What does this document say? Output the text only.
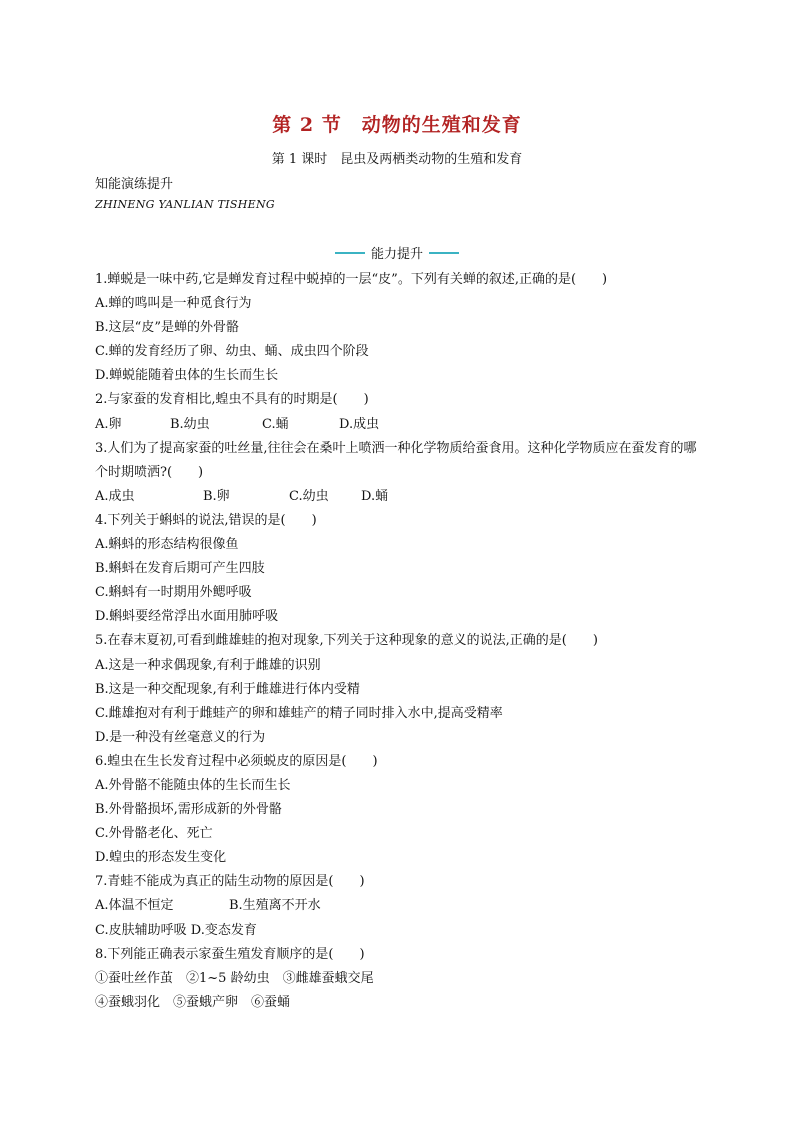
第 2 节　动物的生殖和发育
第 1 课时　昆虫及两栖类动物的生殖和发育
知能演练提升
ZHINENG YANLIAN TISHENG
能力提升
1.蝉蜕是一味中药,它是蝉发育过程中蜕掉的一层“皮”。下列有关蝉的叙述,正确的是(　　)
A.蝉的鸣叫是一种觅食行为
B.这层“皮”是蝉的外骨骼
C.蝉的发育经历了卵、幼虫、蛹、成虫四个阶段
D.蝉蜕能随着虫体的生长而生长
2.与家蚕的发育相比,蝗虫不具有的时期是(　　)
A.卵	B.幼虫	C.蛹	D.成虫
3.人们为了提高家蚕的吐丝量,往往会在桑叶上喷洒一种化学物质给蚕食用。这种化学物质应在蚕发育的哪个时期喷洒?(　　)
A.成虫	B.卵	C.幼虫	D.蛹
4.下列关于蝌蚪的说法,错误的是(　　)
A.蝌蚪的形态结构很像鱼
B.蝌蚪在发育后期可产生四肢
C.蝌蚪有一时期用外鳃呼吸
D.蝌蚪要经常浮出水面用肺呼吸
5.在春末夏初,可看到雌雄蛙的抱对现象,下列关于这种现象的意义的说法,正确的是(　　)
A.这是一种求偶现象,有利于雌雄的识别
B.这是一种交配现象,有利于雌雄进行体内受精
C.雌雄抱对有利于雌蛙产的卵和雄蛙产的精子同时排入水中,提高受精率
D.是一种没有丝毫意义的行为
6.蝗虫在生长发育过程中必须蜕皮的原因是(　　)
A.外骨骼不能随虫体的生长而生长
B.外骨骼损坏,需形成新的外骨骼
C.外骨骼老化、死亡
D.蝗虫的形态发生变化
7.青蛙不能成为真正的陆生动物的原因是(　　)
A.体温不恒定	B.生殖离不开水
C.皮肤辅助呼吸
D.变态发育
8.下列能正确表示家蚕生殖发育顺序的是(　　)
①蚕吐丝作茧　②1~5 龄幼虫　③雌雄蚕蛾交尾
④蚕蛾羽化　⑤蚕蛾产卵　⑥蚕蛹
